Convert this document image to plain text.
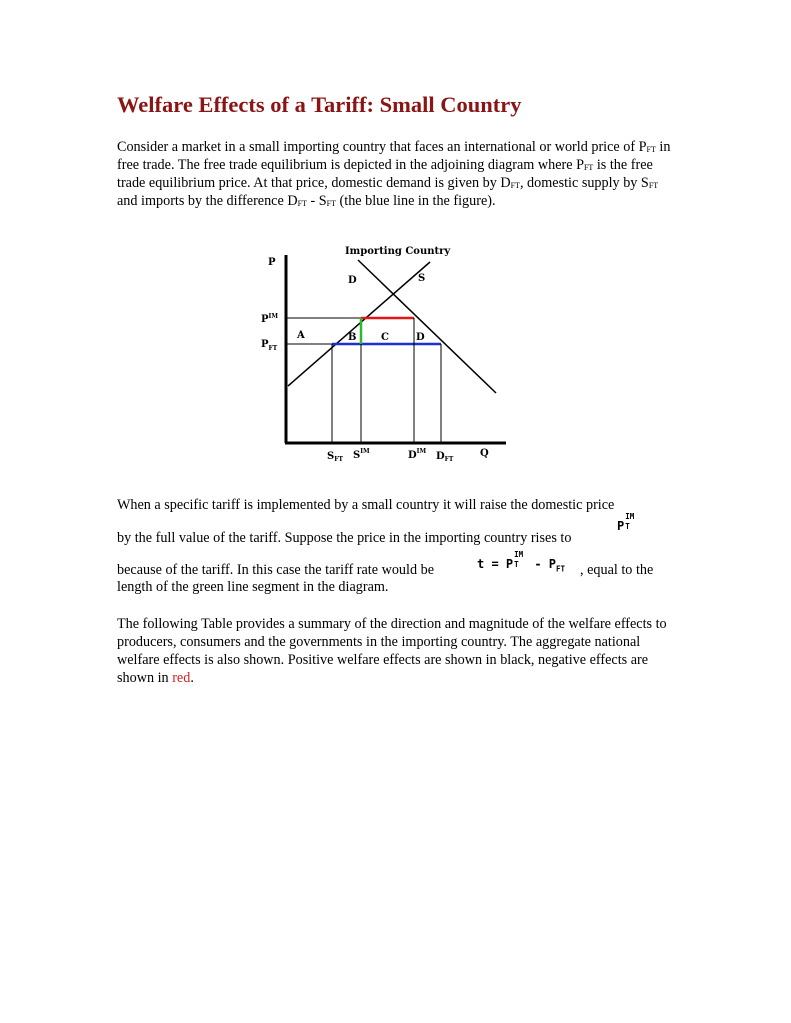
Welfare Effects of a Tariff: Small Country

Consider a market in a small importing country that faces an international or world price of $P_{FT}$ in free trade. The free trade equilibrium is depicted in the adjoining diagram where $P_{FT}$ is the free trade equilibrium price. At that price, domestic demand is given by $D_{FT}$, domestic supply by $S_{FT}$ and imports by the difference $D_{FT} - S_{FT}$ (the blue line in the figure).

Importing Country
P
Q
D	S
$P^{IM}$
$P_{FT}$
A	B C	D
$S_{FT}$ $S^{IM}$	$D^{IM}$ $D_{FT}$

When a specific tariff is implemented by a small country it will raise the domestic price

by the full value of the tariff. Suppose the price in the importing country rises to

P
IM
T

because of the tariff. In this case the tariff rate would be	t = P
IM
T - $P_{FT}$ , equal to the

length of the green line segment in the diagram.

The following Table provides a summary of the direction and magnitude of the welfare effects to producers, consumers and the governments in the importing country. The aggregate national welfare effects is also shown. Positive welfare effects are shown in black, negative effects are shown in red.
